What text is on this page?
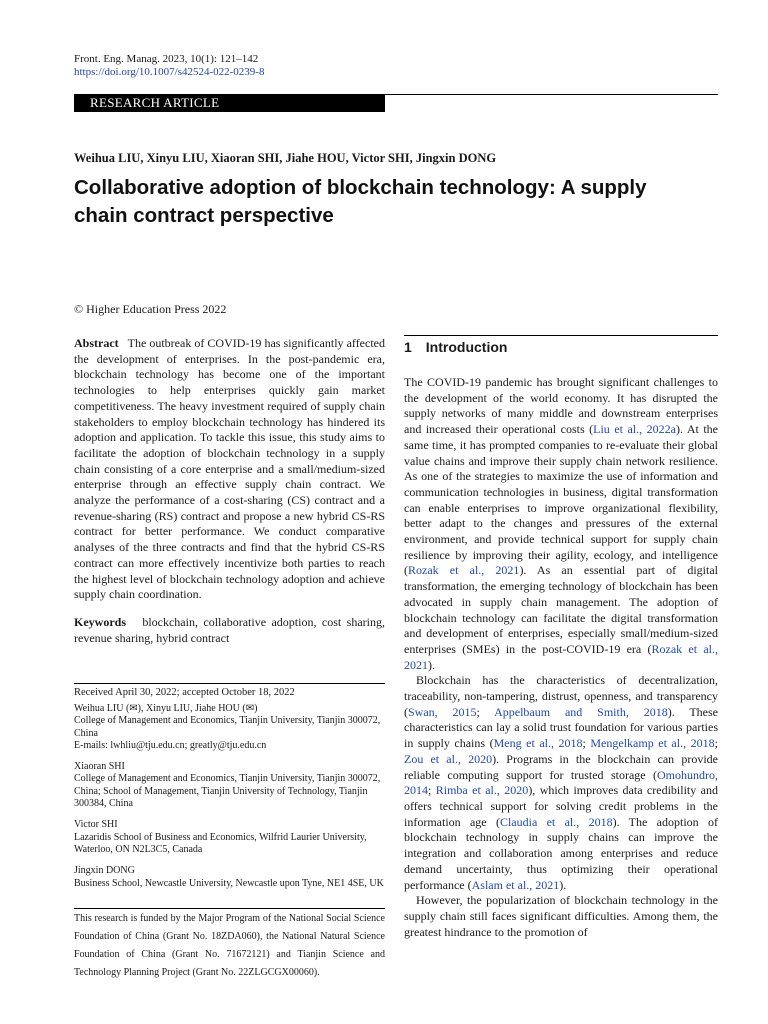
Front. Eng. Manag. 2023, 10(1): 121–142
https://doi.org/10.1007/s42524-022-0239-8
RESEARCH ARTICLE
Weihua LIU, Xinyu LIU, Xiaoran SHI, Jiahe HOU, Victor SHI, Jingxin DONG
Collaborative adoption of blockchain technology: A supply
chain contract perspective
© Higher Education Press 2022

Abstract The outbreak of COVID-19 has significantly affected the development of enterprises. In the post-pandemic era, blockchain technology has become one of the important technologies to help enterprises quickly gain market competitiveness. The heavy investment required of supply chain stakeholders to employ blockchain technology has hindered its adoption and application. To tackle this issue, this study aims to facilitate the adoption of blockchain technology in a supply chain consisting of a core enterprise and a small/medium-sized enterprise through an effective supply chain contract. We analyze the performance of a cost-sharing (CS) contract and a revenue-sharing (RS) contract and propose a new hybrid CS-RS contract for better performance. We conduct comparative analyses of the three contracts and find that the hybrid CS-RS contract can more effectively incentivize both parties to reach the highest level of blockchain technology adoption and achieve supply chain coordination.

Keywords blockchain, collaborative adoption, cost sharing, revenue sharing, hybrid contract

Received April 30, 2022; accepted October 18, 2022
Weihua LIU (✉), Xinyu LIU, Jiahe HOU (✉)
College of Management and Economics, Tianjin University, Tianjin 300072, China
E-mails: lwhliu@tju.edu.cn; greatly@tju.edu.cn
Xiaoran SHI
College of Management and Economics, Tianjin University, Tianjin 300072, China; School of Management, Tianjin University of Technology, Tianjin 300384, China
Victor SHI
Lazaridis School of Business and Economics, Wilfrid Laurier University, Waterloo, ON N2L3C5, Canada
Jingxin DONG
Business School, Newcastle University, Newcastle upon Tyne, NE1 4SE, UK
This research is funded by the Major Program of the National Social Science Foundation of China (Grant No. 18ZDA060), the National Natural Science Foundation of China (Grant No. 71672121) and Tianjin Science and Technology Planning Project (Grant No. 22ZLGCGX00060).
1 Introduction

The COVID-19 pandemic has brought significant challenges to the development of the world economy. It has disrupted the supply networks of many middle and downstream enterprises and increased their operational costs (Liu et al., 2022a). At the same time, it has prompted companies to re-evaluate their global value chains and improve their supply chain network resilience. As one of the strategies to maximize the use of information and communication technologies in business, digital transformation can enable enterprises to improve organizational flexibility, better adapt to the changes and pressures of the external environment, and provide technical support for supply chain resilience by improving their agility, ecology, and intelligence (Rozak et al., 2021). As an essential part of digital transformation, the emerging technology of blockchain has been advocated in supply chain management. The adoption of blockchain technology can facilitate the digital transformation and development of enterprises, especially small/medium-sized enterprises (SMEs) in the post-COVID-19 era (Rozak et al., 2021).

Blockchain has the characteristics of decentralization, traceability, non-tampering, distrust, openness, and transparency (Swan, 2015; Appelbaum and Smith, 2018). These characteristics can lay a solid trust foundation for various parties in supply chains (Meng et al., 2018; Mengelkamp et al., 2018; Zou et al., 2020). Programs in the blockchain can provide reliable computing support for trusted storage (Omohundro, 2014; Rimba et al., 2020), which improves data credibility and offers technical support for solving credit problems in the information age (Claudia et al., 2018). The adoption of blockchain technology in supply chains can improve the integration and collaboration among enterprises and reduce demand uncertainty, thus optimizing their operational performance (Aslam et al., 2021).

However, the popularization of blockchain technology in the supply chain still faces significant difficulties. Among them, the greatest hindrance to the promotion of
